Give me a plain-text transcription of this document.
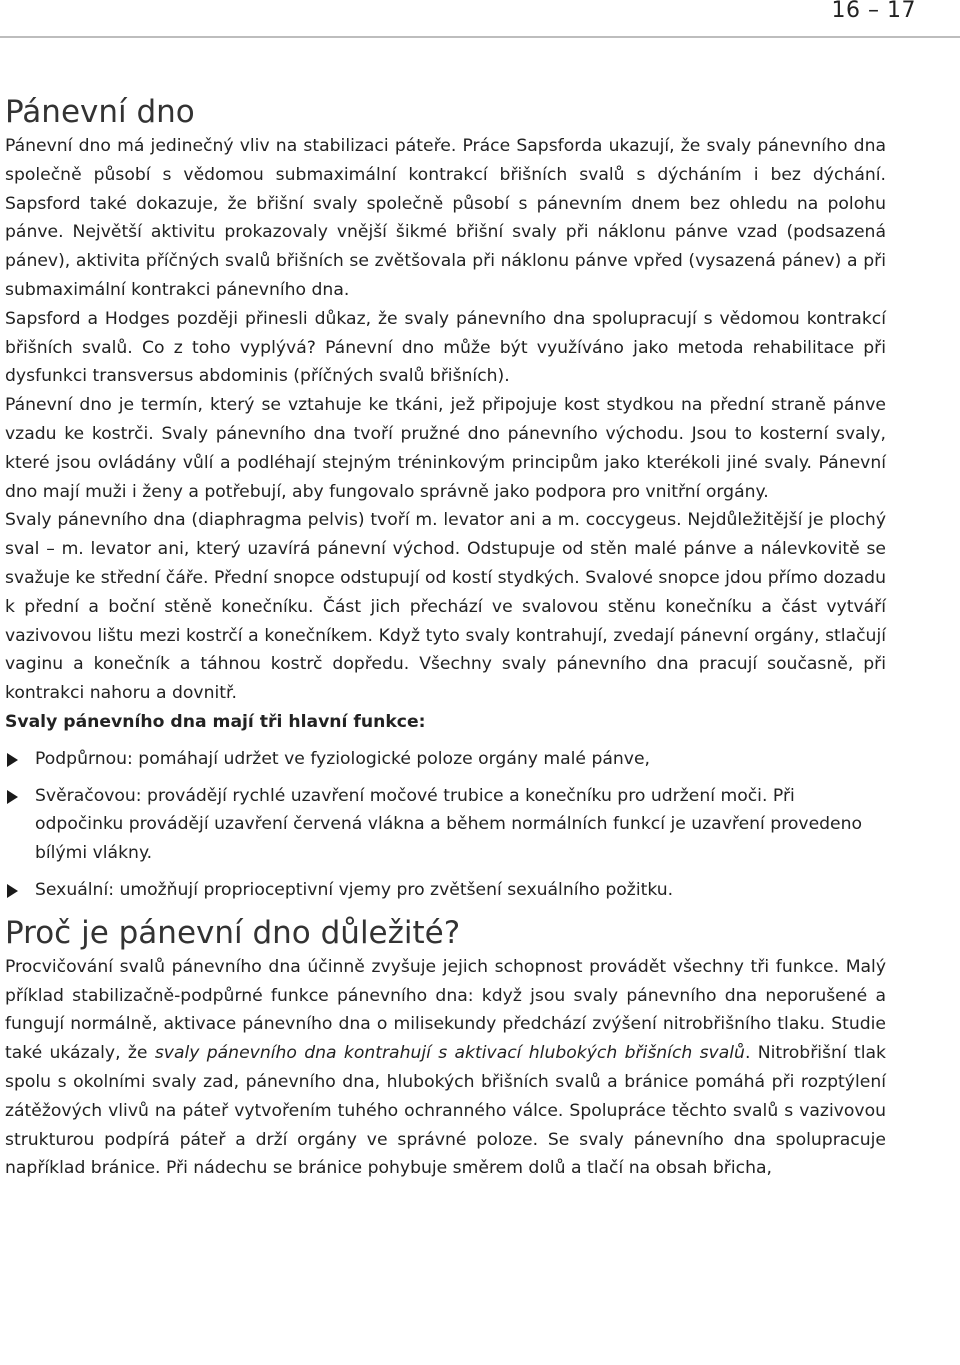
16 – 17
Pánevní dno

Pánevní dno má jedinečný vliv na stabilizaci páteře. Práce Sapsforda ukazují, že svaly pánevního dna společně působí s vědomou submaximální kontrakcí břišních svalů s dýcháním i bez dýchání. Sapsford také dokazuje, že břišní svaly společně působí s pánevním dnem bez ohledu na polohu pánve. Největší aktivitu prokazovaly vnější šikmé břišní svaly při náklonu pánve vzad (podsazená pánev), aktivita příčných svalů břišních se zvětšovala při náklonu pánve vpřed (vysazená pánev) a při submaximální kontrakci pánevního dna.

Sapsford a Hodges později přinesli důkaz, že svaly pánevního dna spolupracují s vědomou kontrakcí břišních svalů. Co z toho vyplývá? Pánevní dno může být využíváno jako metoda rehabilitace při dysfunkci transversus abdominis (příčných svalů břišních).

Pánevní dno je termín, který se vztahuje ke tkáni, jež připojuje kost stydkou na přední straně pánve vzadu ke kostrči. Svaly pánevního dna tvoří pružné dno pánevního východu. Jsou to kosterní svaly, které jsou ovládány vůlí a podléhají stejným tréninkovým principům jako kterékoli jiné svaly. Pánevní dno mají muži i ženy a potřebují, aby fungovalo správně jako podpora pro vnitřní orgány.

Svaly pánevního dna (diaphragma pelvis) tvoří m. levator ani a m. coccygeus. Nejdůležitější je plochý sval – m. levator ani, který uzavírá pánevní východ. Odstupuje od stěn malé pánve a nálevkovitě se svažuje ke střední čáře. Přední snopce odstupují od kostí stydkých. Svalové snopce jdou přímo dozadu k přední a boční stěně konečníku. Část jich přechází ve svalovou stěnu konečníku a část vytváří vazivovou lištu mezi kostrčí a konečníkem. Když tyto svaly kontrahují, zvedají pánevní orgány, stlačují vaginu a konečník a táhnou kostrč dopředu. Všechny svaly pánevního dna pracují současně, při kontrakci nahoru a dovnitř.

Svaly pánevního dna mají tři hlavní funkce:

Podpůrnou: pomáhají udržet ve fyziologické poloze orgány malé pánve,
Svěračovou: provádějí rychlé uzavření močové trubice a konečníku pro udržení moči. Při odpočinku provádějí uzavření červená vlákna a během normálních funkcí je uzavření provedeno bílými vlákny.
Sexuální: umožňují proprioceptivní vjemy pro zvětšení sexuálního požitku.
Proč je pánevní dno důležité?

Procvičování svalů pánevního dna účinně zvyšuje jejich schopnost provádět všechny tři funkce. Malý příklad stabilizačně-podpůrné funkce pánevního dna: když jsou svaly pánevního dna neporušené a fungují normálně, aktivace pánevního dna o milisekundy předchází zvýšení nitrobřišního tlaku. Studie také ukázaly, že svaly pánevního dna kontrahují s aktivací hlubokých břišních svalů. Nitrobřišní tlak spolu s okolními svaly zad, pánevního dna, hlubokých břišních svalů a bránice pomáhá při rozptýlení zátěžových vlivů na páteř vytvořením tuhého ochranného válce. Spolupráce těchto svalů s vazivovou strukturou podpírá páteř a drží orgány ve správné poloze. Se svaly pánevního dna spolupracuje například bránice. Při nádechu se bránice pohybuje směrem dolů a tlačí na obsah břicha,
